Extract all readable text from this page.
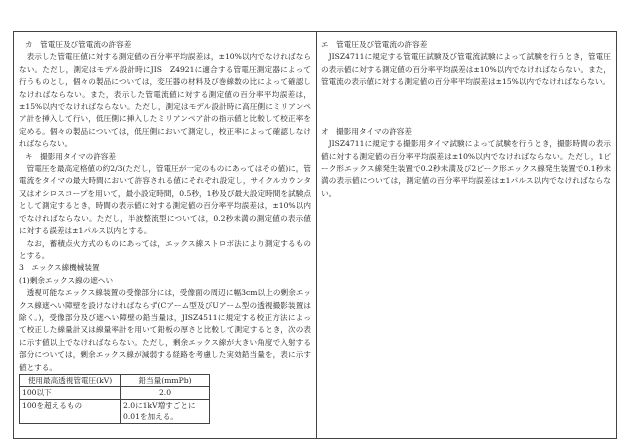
カ　管電圧及び管電流の許容差

表示した管電圧値に対する測定値の百分率平均誤差は，±10%以内でなければならない。ただし，測定はモデル設計時にJIS　Z4921に適合する管電圧測定器によって行うものとし，個々の製品については，変圧器の材料及び巻線数の比によって確認しなければならない。また，表示した管電流値に対する測定値の百分率平均誤差は，±15%以内でなければならない。ただし，測定はモデル設計時に高圧側にミリアンペア計を挿入して行い，低圧側に挿入したミリアンペア計の指示値と比較して校正率を定める。個々の製品については，低圧側において測定し，校正率によって確認しなければならない。

キ　撮影用タイマの許容差

管電圧を最高定格値の約2/3(ただし，管電圧が一定のものにあってはその値)に，管電流をタイマの最大時間において許容される値にそれぞれ設定し，サイクルカウンタ又はオシロスコープを用いて，最小設定時間，0.5秒，1秒及び最大設定時間を試験点として測定するとき，時間の表示値に対する測定値の百分率平均誤差は，±10%以内でなければならない。ただし，半波整流型については，0.2秒未満の測定値の表示値に対する誤差は±1パルス以内とする。

なお，蓄積点火方式のものにあっては，エックス線ストロボ法により測定するものとする。

3　エックス線機械装置

(1)剰余エックス線の遮へい

透視可能なエックス線装置の受像部分には，受像面の周辺に幅3cm以上の剰余エックス線遮へい障壁を設けなければならず(Cアーム型及びUアーム型の透視撮影装置は除く。)，受像部分及び遮へい障壁の鉛当量は，JISZ4511に規定する校正方法によって校正した線量計又は線量率計を用いて鉛板の厚さと比較して測定するとき，次の表に示す値以上でなければならない。ただし，剰余エックス線が大きい角度で入射する部分については，剰余エックス線が減弱する経路を考慮した実効鉛当量を，表に示す値とする。

使用最高透視管電圧(kV)	鉛当量(mmPb)
100以下	2.0
100を超えるもの	2.0に1kV増すごとに0.01を加える。

エ　管電圧及び管電流の許容差

JISZ4711に規定する管電圧試験及び管電流試験によって試験を行うとき，管電圧の表示値に対する測定値の百分率平均誤差は±10%以内でなければならない。また，管電流の表示値に対する測定値の百分率平均誤差は±15%以内でなければならない。

オ　撮影用タイマの許容差

JISZ4711に規定する撮影用タイマ試験によって試験を行うとき，撮影時間の表示値に対する測定値の百分率平均誤差は±10%以内でなければならない。ただし，1ピーク形エックス線発生装置で0.2秒未満及び2ピーク形エックス線発生装置で0.1秒未満の表示値については，測定値の百分率平均誤差は±1パルス以内でなければならない。
